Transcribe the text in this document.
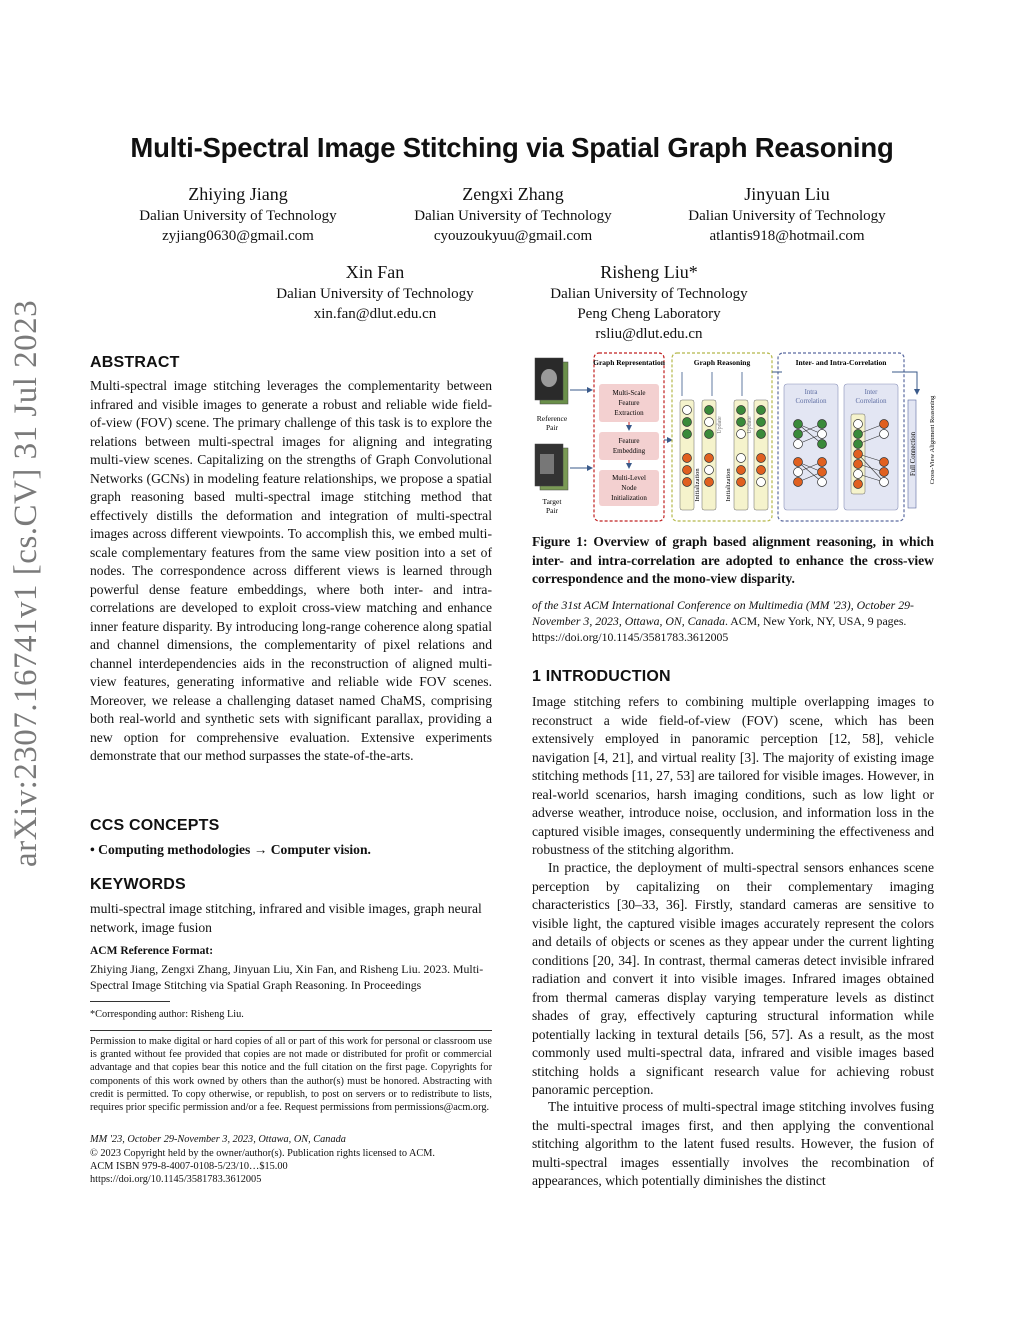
arXiv:2307.16741v1 [cs.CV] 31 Jul 2023
Multi-Spectral Image Stitching via Spatial Graph Reasoning
Zhiying Jiang
Dalian University of Technology
zyjiang0630@gmail.com
Zengxi Zhang
Dalian University of Technology
cyouzoukyuu@gmail.com
Jinyuan Liu
Dalian University of Technology
atlantis918@hotmail.com
Xin Fan
Dalian University of Technology
xin.fan@dlut.edu.cn
Risheng Liu*
Dalian University of Technology
Peng Cheng Laboratory
rsliu@dlut.edu.cn
ABSTRACT
Multi-spectral image stitching leverages the complementarity between infrared and visible images to generate a robust and reliable wide field-of-view (FOV) scene. The primary challenge of this task is to explore the relations between multi-spectral images for aligning and integrating multi-view scenes. Capitalizing on the strengths of Graph Convolutional Networks (GCNs) in modeling feature relationships, we propose a spatial graph reasoning based multi-spectral image stitching method that effectively distills the deformation and integration of multi-spectral images across different viewpoints. To accomplish this, we embed multi-scale complementary features from the same view position into a set of nodes. The correspondence across different views is learned through powerful dense feature embeddings, where both inter- and intra-correlations are developed to exploit cross-view matching and enhance inner feature disparity. By introducing long-range coherence along spatial and channel dimensions, the complementarity of pixel relations and channel interdependencies aids in the reconstruction of aligned multi-view features, generating informative and reliable wide FOV scenes. Moreover, we release a challenging dataset named ChaMS, comprising both real-world and synthetic sets with significant parallax, providing a new option for comprehensive evaluation. Extensive experiments demonstrate that our method surpasses the state-of-the-arts.
CCS CONCEPTS
• Computing methodologies → Computer vision.
KEYWORDS
multi-spectral image stitching, infrared and visible images, graph neural network, image fusion
ACM Reference Format:
Zhiying Jiang, Zengxi Zhang, Jinyuan Liu, Xin Fan, and Risheng Liu. 2023. Multi-Spectral Image Stitching via Spatial Graph Reasoning. In Proceedings
*Corresponding author: Risheng Liu.
Permission to make digital or hard copies of all or part of this work for personal or classroom use is granted without fee provided that copies are not made or distributed for profit or commercial advantage and that copies bear this notice and the full citation on the first page. Copyrights for components of this work owned by others than the author(s) must be honored. Abstracting with credit is permitted. To copy otherwise, or republish, to post on servers or to redistribute to lists, requires prior specific permission and/or a fee. Request permissions from permissions@acm.org.
MM '23, October 29-November 3, 2023, Ottawa, ON, Canada
© 2023 Copyright held by the owner/author(s). Publication rights licensed to ACM.
ACM ISBN 979-8-4007-0108-5/23/10…$15.00
https://doi.org/10.1145/3581783.3612005
Reference
Pair
Target
Pair
Graph Representation
Multi-Scale
Feature
Extraction
Feature
Embedding
Multi-Level
Node
Initialization
Graph Reasoning
Initialization
Update
Initialization
Update
Inter- and Intra-Correlation
Intra
Correlation
Inter
Correlation
Full Connection Cross-View Alignment Reasoning
Figure 1: Overview of graph based alignment reasoning, in which inter- and intra-correlation are adopted to enhance the cross-view correspondence and the mono-view disparity.
of the 31st ACM International Conference on Multimedia (MM '23), October 29-November 3, 2023, Ottawa, ON, Canada. ACM, New York, NY, USA, 9 pages. https://doi.org/10.1145/3581783.3612005
1 INTRODUCTION
Image stitching refers to combining multiple overlapping images to reconstruct a wide field-of-view (FOV) scene, which has been extensively employed in panoramic perception [12, 58], vehicle navigation [4, 21], and virtual reality [3]. The majority of existing image stitching methods [11, 27, 53] are tailored for visible images. However, in real-world scenarios, harsh imaging conditions, such as low light or adverse weather, introduce noise, occlusion, and information loss in the captured visible images, consequently undermining the effectiveness and robustness of the stitching algorithm.
In practice, the deployment of multi-spectral sensors enhances scene perception by capitalizing on their complementary imaging characteristics [30–33, 36]. Firstly, standard cameras are sensitive to visible light, the captured visible images accurately represent the colors and details of objects or scenes as they appear under the current lighting conditions [20, 34]. In contrast, thermal cameras detect invisible infrared radiation and convert it into visible images. Infrared images obtained from thermal cameras display varying temperature levels as distinct shades of gray, effectively capturing structural information while potentially lacking in textural details [56, 57]. As a result, as the most commonly used multi-spectral data, infrared and visible images based stitching holds a significant research value for achieving robust panoramic perception.
The intuitive process of multi-spectral image stitching involves fusing the multi-spectral images first, and then applying the conventional stitching algorithm to the latent fused results. However, the fusion of multi-spectral images essentially involves the recombination of appearances, which potentially diminishes the distinct
